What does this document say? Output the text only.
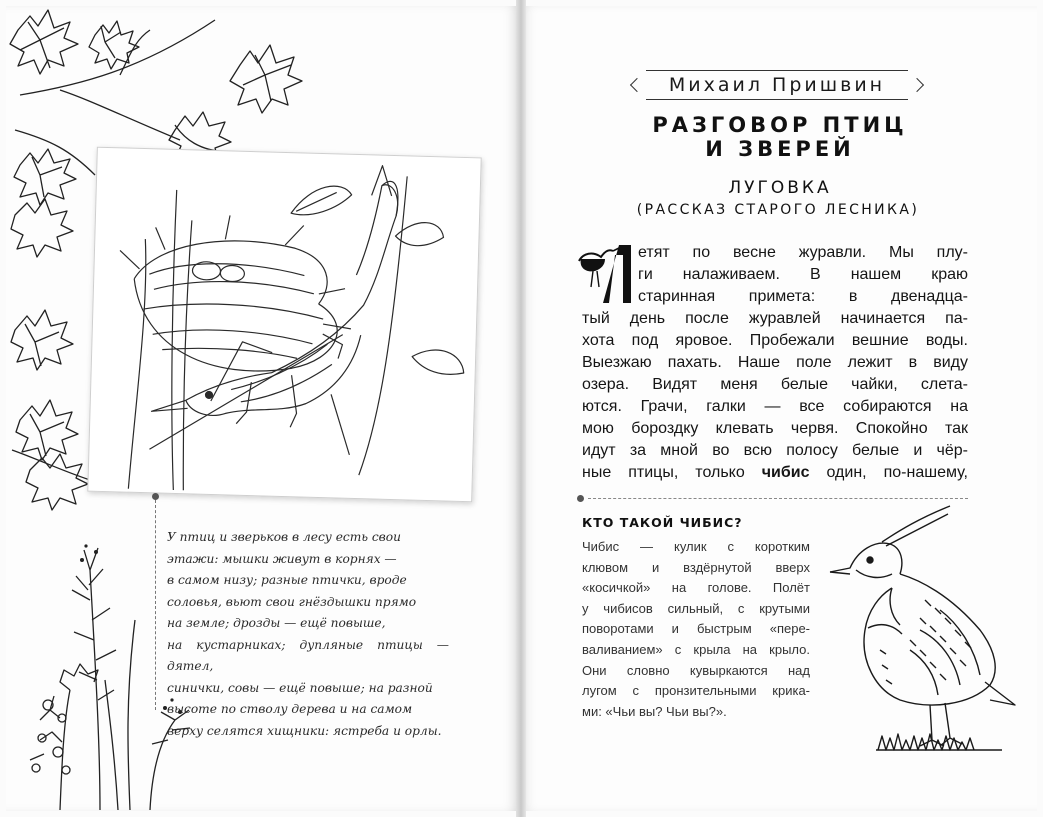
У птиц и зверьков в лесу есть свои
этажи: мышки живут в корнях —
в самом низу; разные птички, вроде
соловья, вьют свои гнёздышки прямо
на земле; дрозды — ещё повыше,
на кустарниках; дупляные птицы — дятел,
синички, совы — ещё повыше; на разной
высоте по стволу дерева и на самом
верху селятся хищники: ястреба и орлы.
Михаил Пришвин
РАЗГОВОР ПТИЦ
И ЗВЕРЕЙ
ЛУГОВКА
(РАССКАЗ СТАРОГО ЛЕСНИКА)
етят по весне журавли. Мы плу-
ги налаживаем. В нашем краю
старинная примета: в двенадца-
тый день после журавлей начинается па-
хота под яровое. Пробежали вешние воды.
Выезжаю пахать. Наше поле лежит в виду
озера. Видят меня белые чайки, слета-
ются. Грачи, галки — все собираются на
мою бороздку клевать червя. Спокойно так
идут за мной во всю полосу белые и чёр-
ные птицы, только чибис один, по-нашему,
КТО ТАКОЙ ЧИБИС?
Чибис — кулик с коротким
клювом и вздёрнутой вверх
«косичкой» на голове. Полёт
у чибисов сильный, с крутыми
поворотами и быстрым «пере-
валиванием» с крыла на крыло.
Они словно кувыркаются над
лугом с пронзительными крика-
ми: «Чьи вы? Чьи вы?».
